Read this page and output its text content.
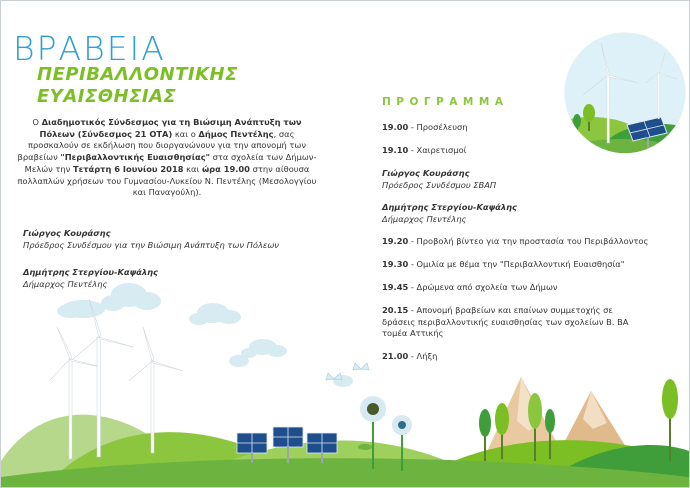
ΒΡΑΒΕΙΑ
ΠΕΡΙΒΑΛΛΟΝΤΙΚΗΣ
ΕΥΑΙΣΘΗΣΙΑΣ
Ο Διαδημοτικός Σύνδεσμος για τη Βιώσιμη Ανάπτυξη των Πόλεων (Σύνδεσμος 21 ΟΤΑ) και ο Δήμος Πεντέλης, σας προσκαλούν σε εκδήλωση που διοργανώνουν για την απονομή των βραβείων "Περιβαλλοντικής Ευαισθησίας" στα σχολεία των Δήμων-Μελών την Τετάρτη 6 Ιουνίου 2018 και ώρα 19.00 στην αίθουσα πολλαπλών χρήσεων του Γυμνασίου-Λυκείου Ν. Πεντέλης (Μεσολογγίου και Παναγούλη).
Γιώργος Κουράσης
Πρόεδρος Συνδέσμου για την Βιώσιμη Ανάπτυξη των Πόλεων
Δημήτρης Στεργίου-Καψάλης
Δήμαρχος Πεντέλης
ΠΡΟΓΡΑΜΜΑ
19.00 - Προσέλευση
19.10 - Χαιρετισμοί
Γιώργος Κουράσης
Πρόεδρος Συνδέσμου ΣΒΑΠ
Δημήτρης Στεργίου-Καψάλης
Δήμαρχος Πεντέλης
19.20 - Προβολή βίντεο για την προστασία του Περιβάλλοντος
19.30 - Ομιλία με θέμα την "Περιβαλλοντική Ευαισθησία"
19.45 - Δρώμενα από σχολεία των Δήμων
20.15 - Απονομή βραβείων και επαίνων συμμετοχής σε δράσεις περιβαλλοντικής ευαισθησίας των σχολείων Β. ΒΑ τομέα Αττικής
21.00 - Λήξη
